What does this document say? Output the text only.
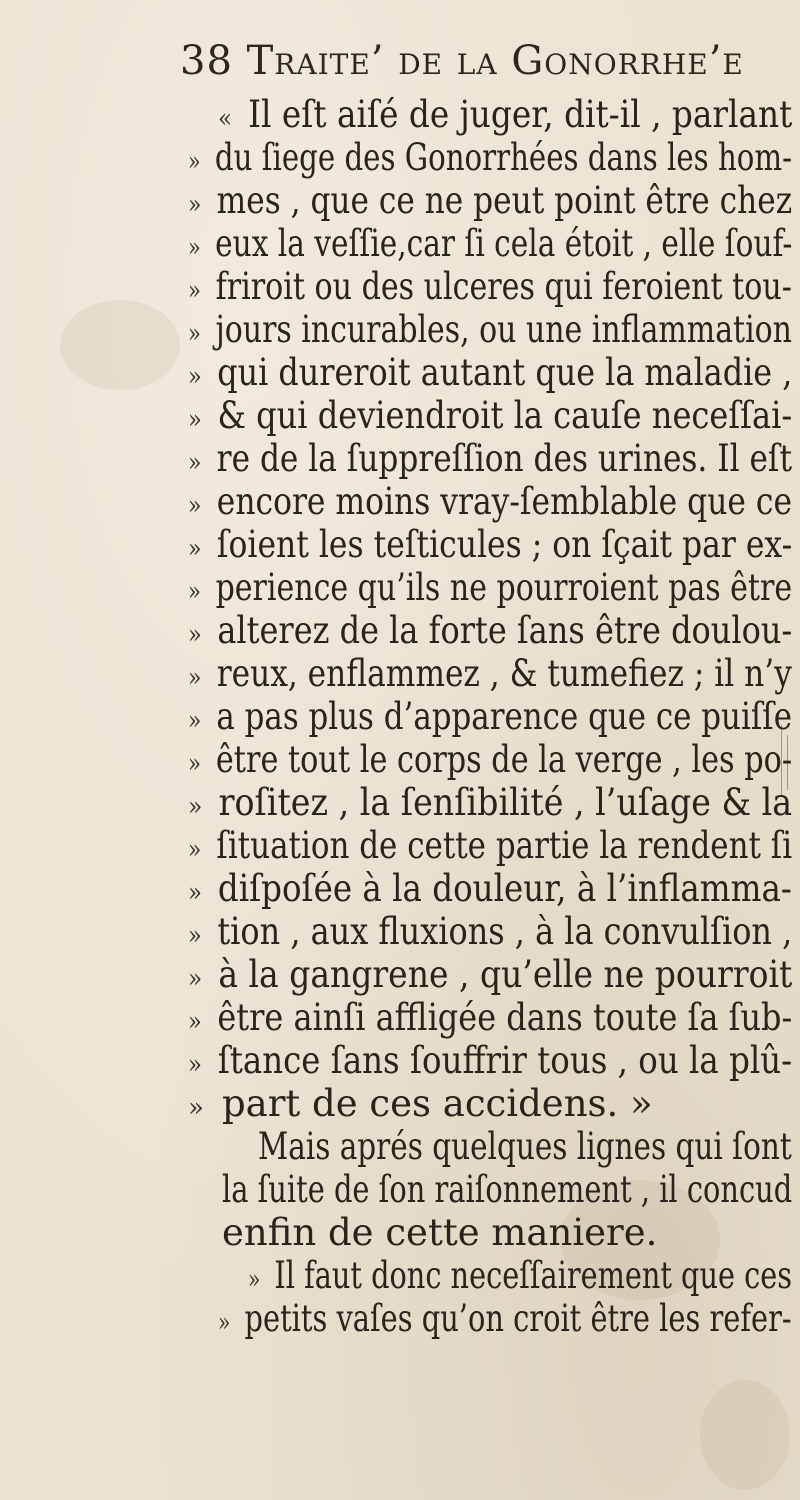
38 Traite’ de la Gonorrhe’e
« Il eſt aiſé de juger, dit-il , parlant
» du ſiege des Gonorrhées dans les hom-
» mes , que ce ne peut point être chez
» eux la veſſie,car ſi cela étoit , elle ſouf-
» friroit ou des ulceres qui feroient tou-
» jours incurables, ou une inflammation
» qui dureroit autant que la maladie ,
» & qui deviendroit la cauſe neceſſai-
» re de la ſuppreſſion des urines. Il eſt
» encore moins vray-ſemblable que ce
» ſoient les teſticules ; on ſçait par ex-
» perience qu’ils ne pourroient pas être
» alterez de la forte ſans être doulou-
» reux, enflammez , & tumefiez ; il n’y
» a pas plus d’apparence que ce puiſſe
» être tout le corps de la verge , les po-
» roſitez , la ſenſibilité , l’uſage & la
» ſituation de cette partie la rendent ſi
» diſpoſée à la douleur, à l’inflamma-
» tion , aux fluxions , à la convulſion ,
» à la gangrene , qu’elle ne pourroit
» être ainſi affligée dans toute ſa ſub-
» ſtance ſans ſouffrir tous , ou la plû-
» part de ces accidens. »
Mais aprés quelques lignes qui ſont
la ſuite de ſon raiſonnement , il concud
enfin de cette maniere.
» Il faut donc neceſſairement que ces
» petits vaſes qu’on croit être les refer-
